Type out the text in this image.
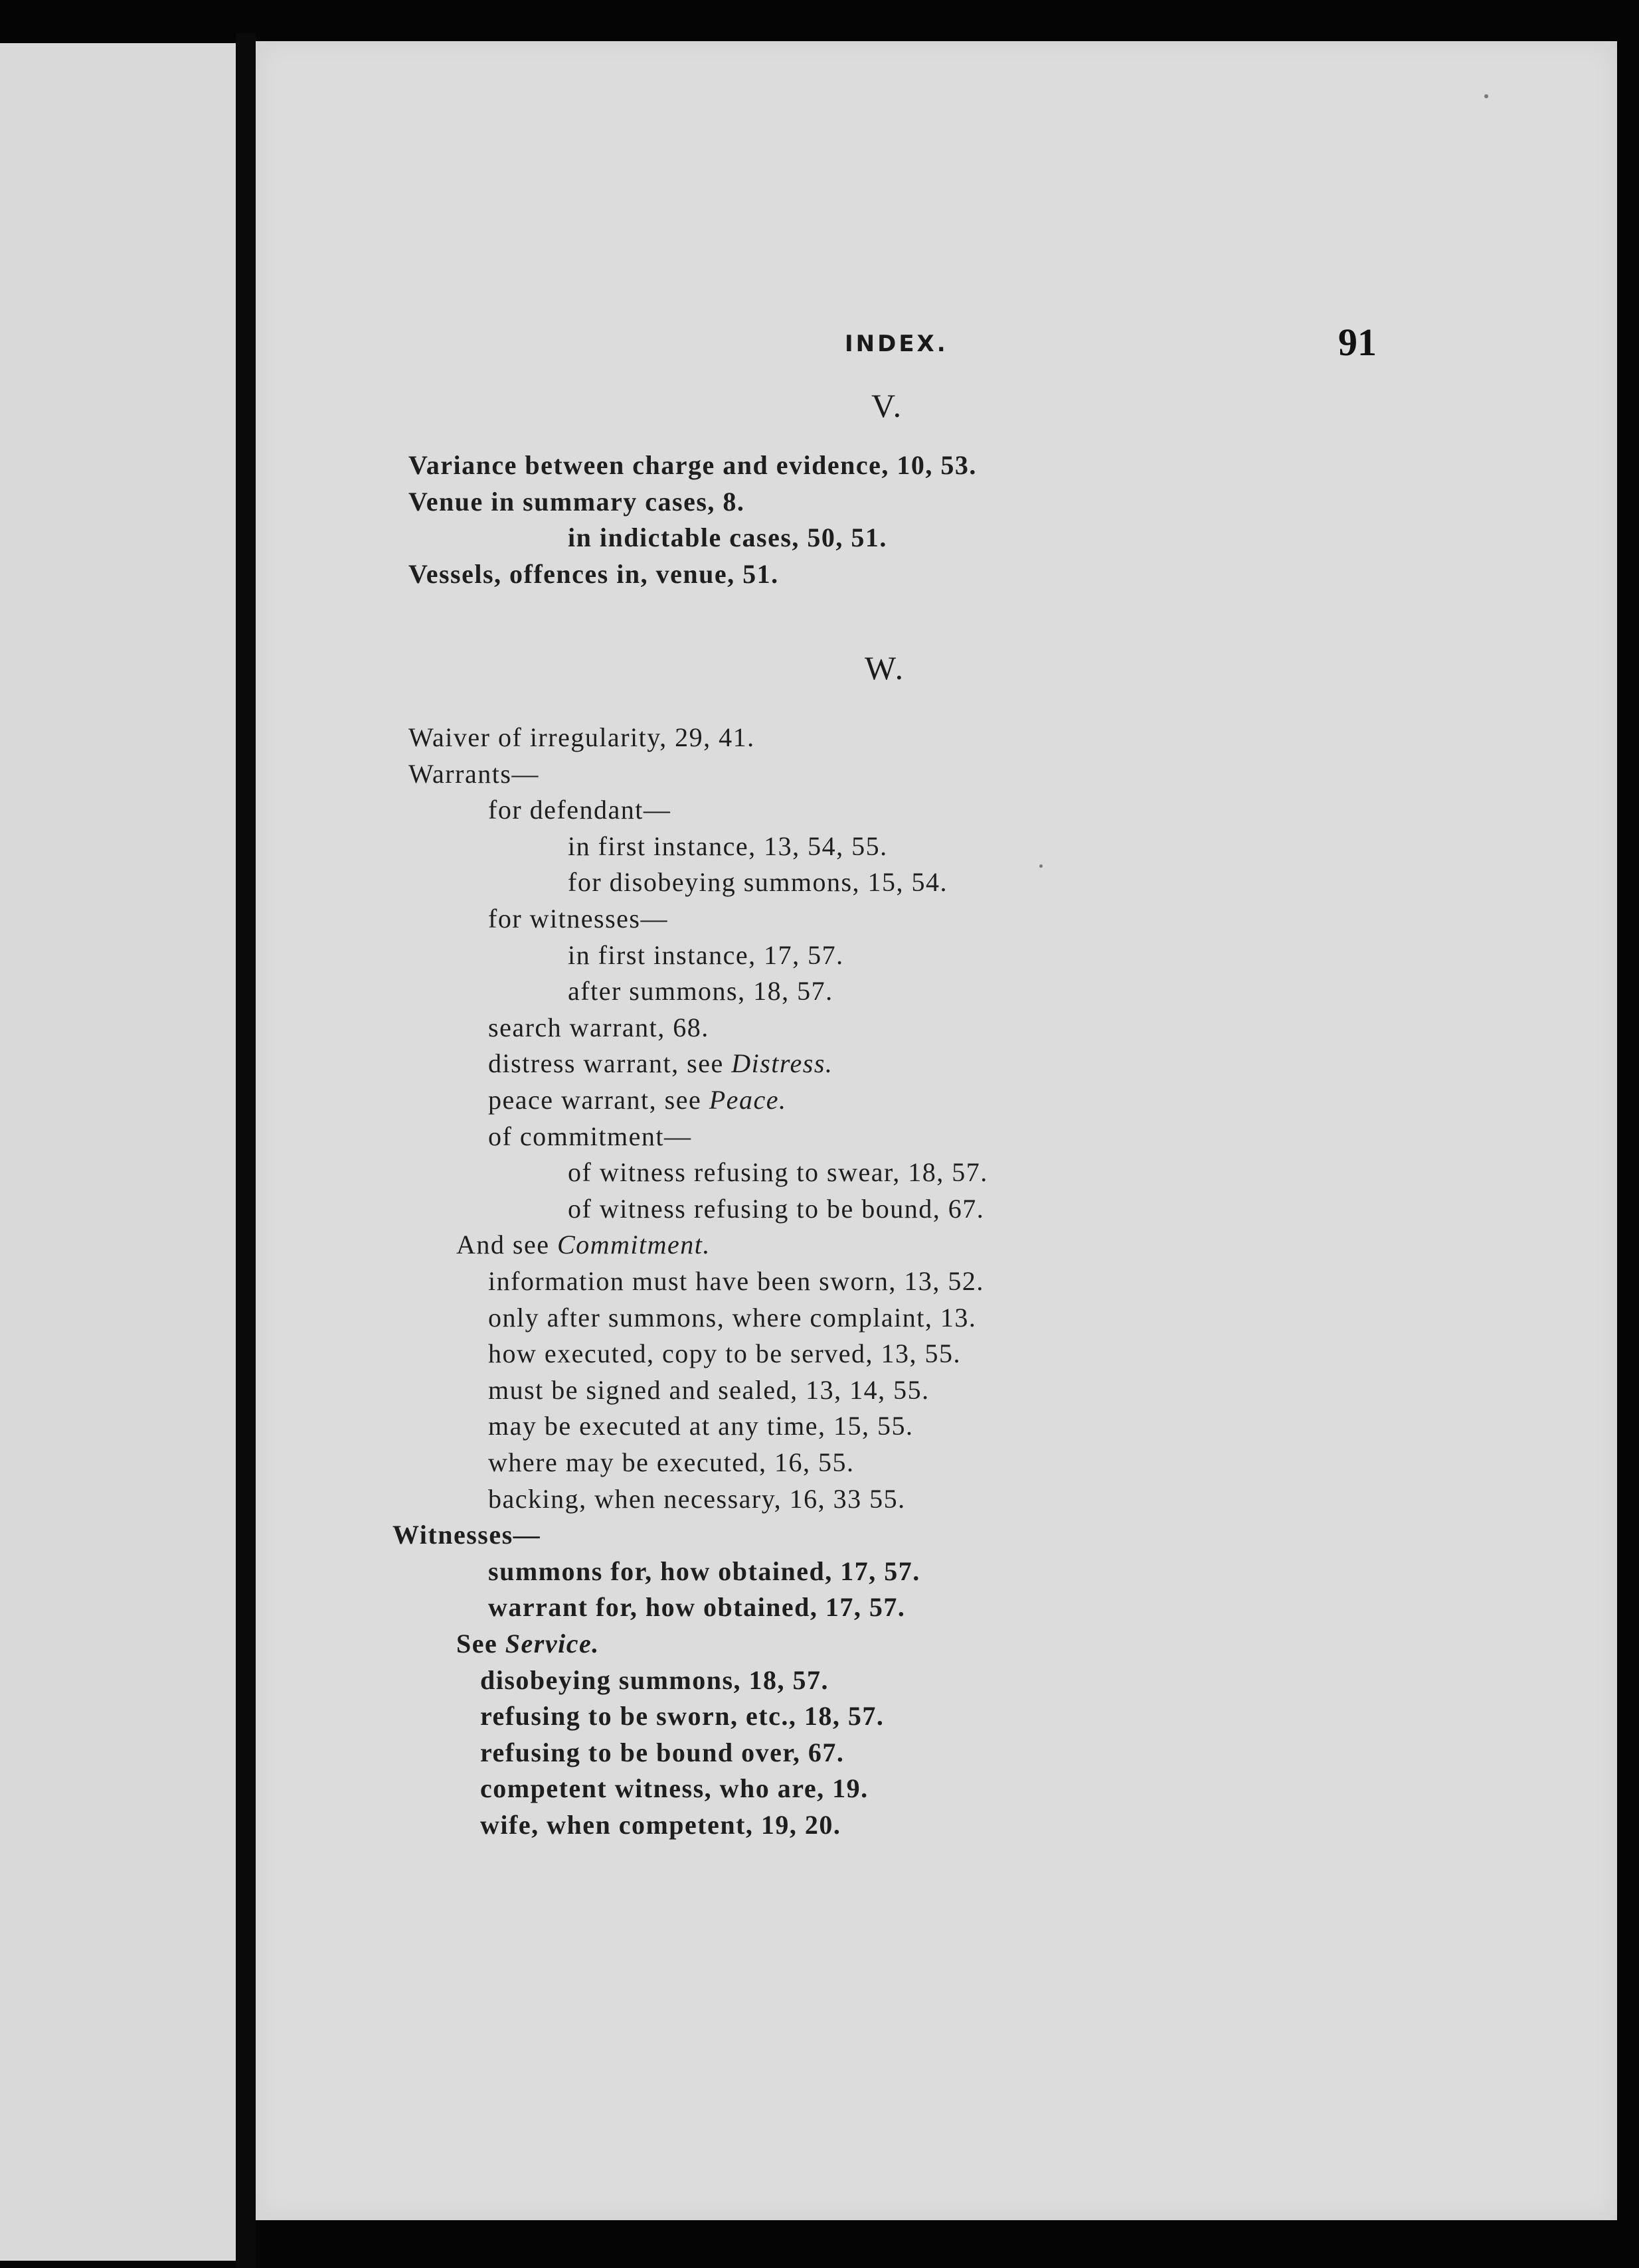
INDEX.	91
V.
Variance between charge and evidence, 10, 53.
Venue in summary cases, 8.
in indictable cases, 50, 51.
Vessels, offences in, venue, 51.
W.
Waiver of irregularity, 29, 41.
Warrants—
for defendant—
in first instance, 13, 54, 55.
for disobeying summons, 15, 54.
for witnesses—
in first instance, 17, 57.
after summons, 18, 57.
search warrant, 68.
distress warrant, see Distress.
peace warrant, see Peace.
of commitment—
of witness refusing to swear, 18, 57.
of witness refusing to be bound, 67.
And see Commitment.
information must have been sworn, 13, 52.
only after summons, where complaint, 13.
how executed, copy to be served, 13, 55.
must be signed and sealed, 13, 14, 55.
may be executed at any time, 15, 55.
where may be executed, 16, 55.
backing, when necessary, 16, 33 55.
Witnesses—
summons for, how obtained, 17, 57.
warrant for, how obtained, 17, 57.
See Service.
disobeying summons, 18, 57.
refusing to be sworn, etc., 18, 57.
refusing to be bound over, 67.
competent witness, who are, 19.
wife, when competent, 19, 20.
